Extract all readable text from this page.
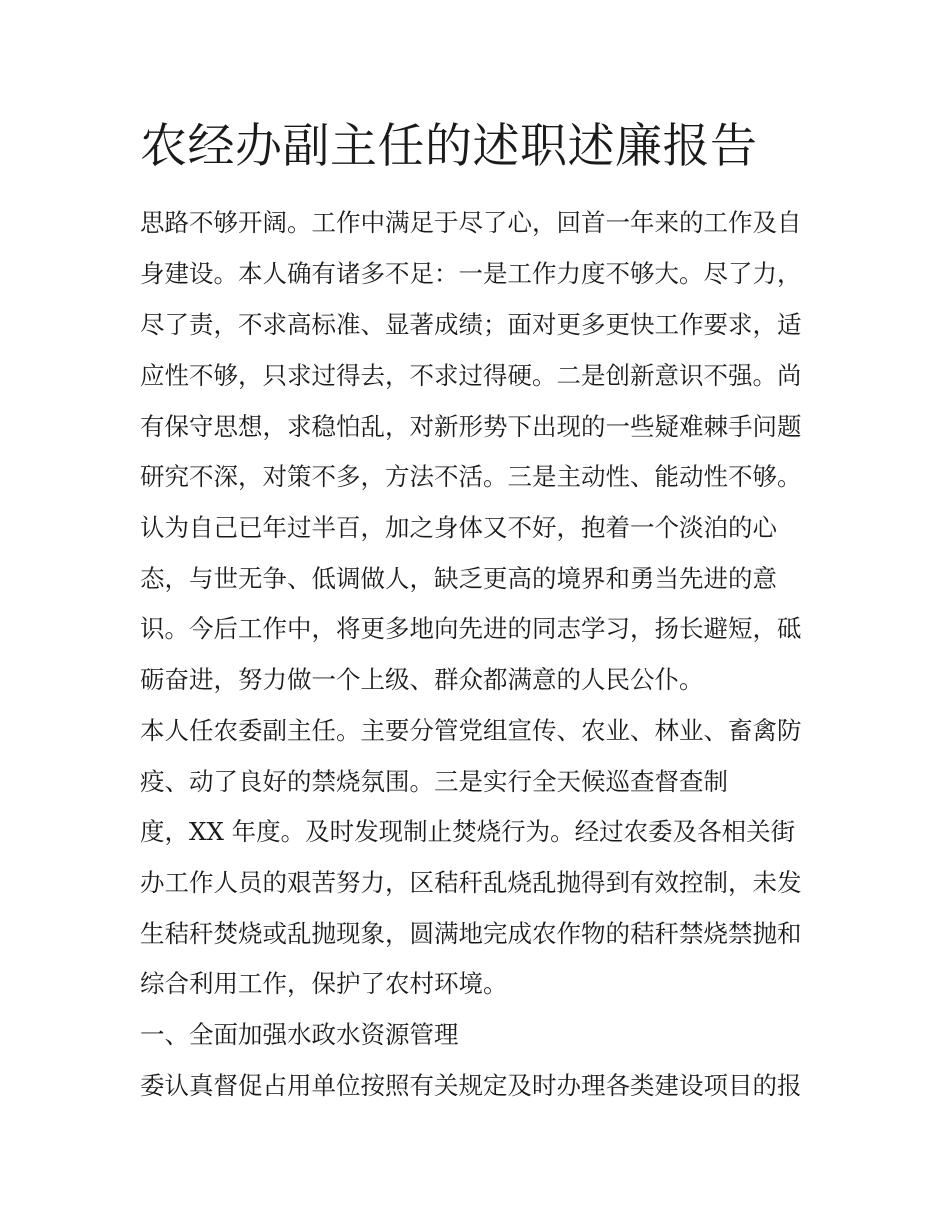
农经办副主任的述职述廉报告
思路不够开阔。工作中满足于尽了心，回首一年来的工作及自
身建设。本人确有诸多不足：一是工作力度不够大。尽了力，
尽了责，不求高标准、显著成绩；面对更多更快工作要求，适
应性不够，只求过得去，不求过得硬。二是创新意识不强。尚
有保守思想，求稳怕乱，对新形势下出现的一些疑难棘手问题
研究不深，对策不多，方法不活。三是主动性、能动性不够。
认为自己已年过半百，加之身体又不好，抱着一个淡泊的心
态，与世无争、低调做人，缺乏更高的境界和勇当先进的意
识。今后工作中，将更多地向先进的同志学习，扬长避短，砥
砺奋进，努力做一个上级、群众都满意的人民公仆。
本人任农委副主任。主要分管党组宣传、农业、林业、畜禽防
疫、动了良好的禁烧氛围。三是实行全天候巡查督查制
度，XX 年度。及时发现制止焚烧行为。经过农委及各相关街
办工作人员的艰苦努力，区秸秆乱烧乱抛得到有效控制，未发
生秸秆焚烧或乱抛现象，圆满地完成农作物的秸秆禁烧禁抛和
综合利用工作，保护了农村环境。
一、全面加强水政水资源管理
委认真督促占用单位按照有关规定及时办理各类建设项目的报
